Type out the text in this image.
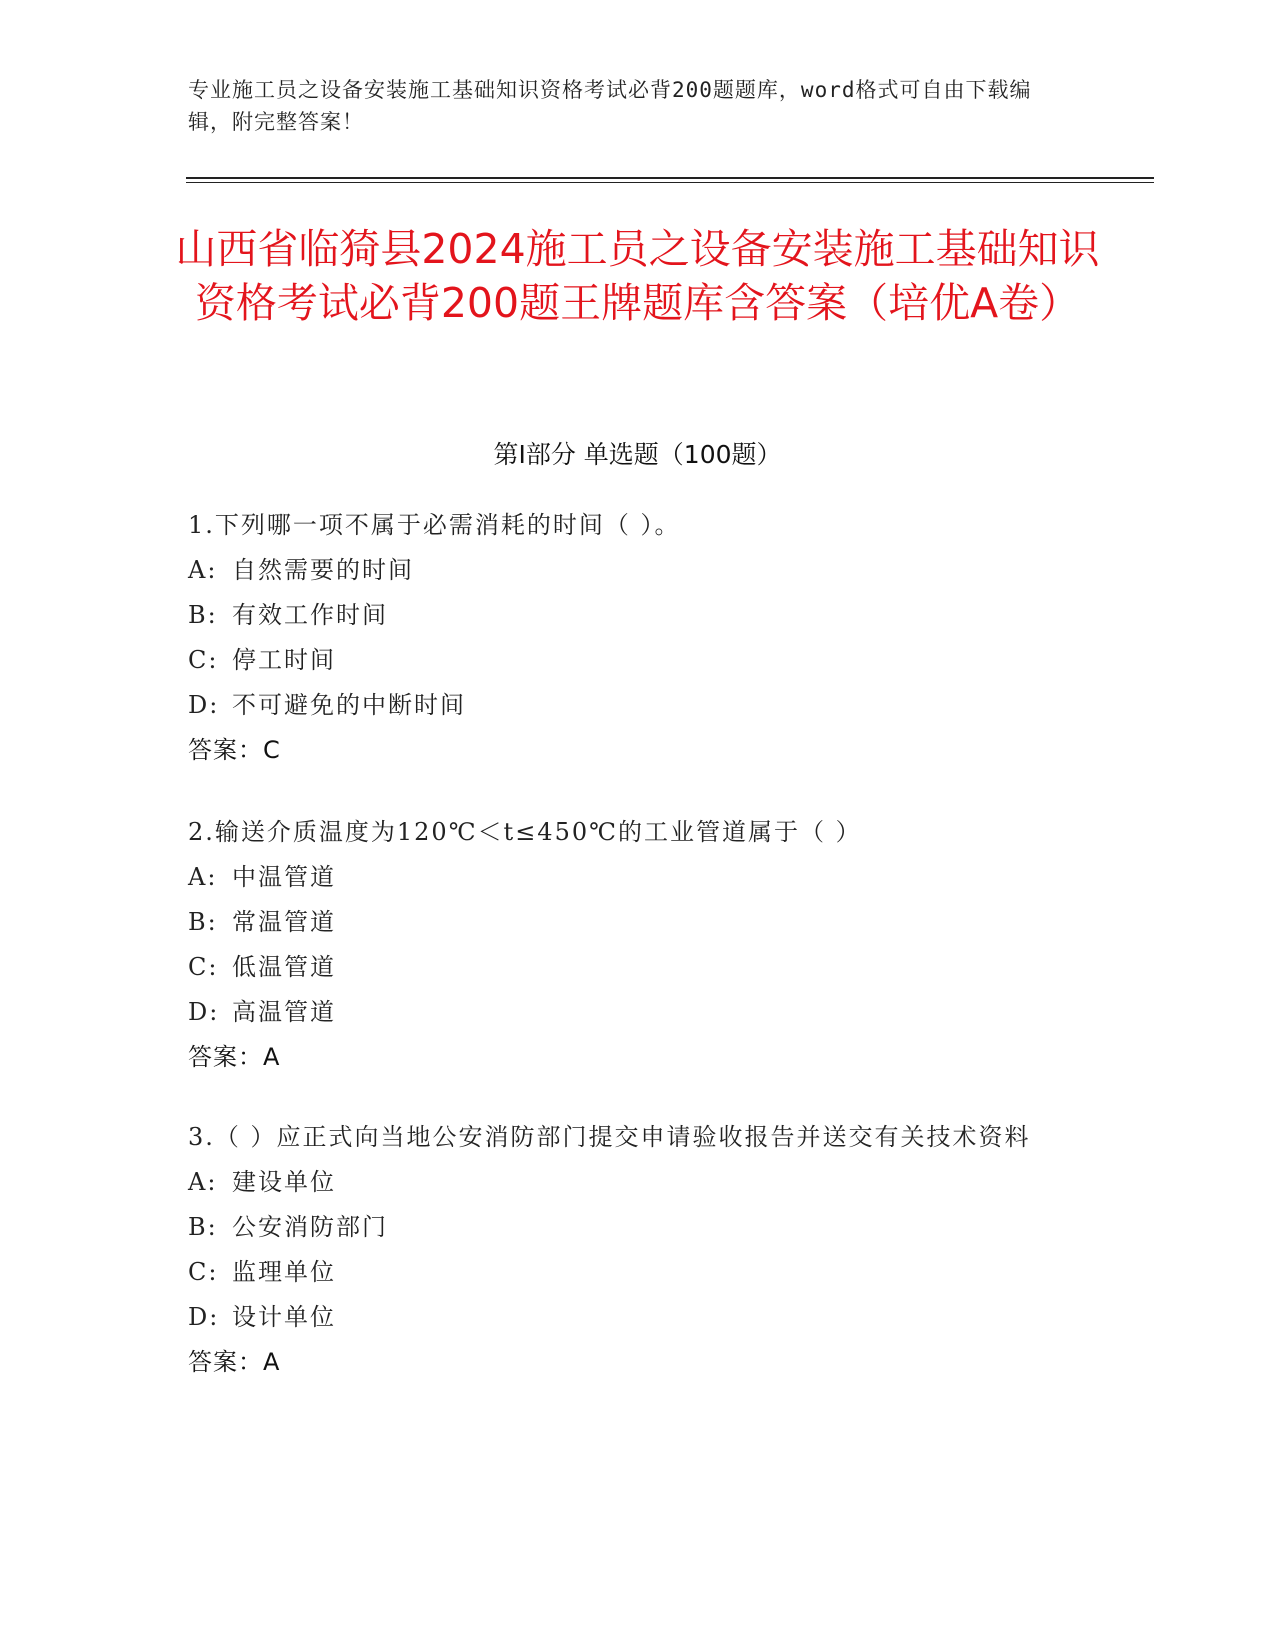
专业施工员之设备安装施工基础知识资格考试必背200题题库，word格式可自由下载编辑，附完整答案！
山西省临猗县2024施工员之设备安装施工基础知识资格考试必背200题王牌题库含答案（培优A卷）
第I部分 单选题（100题）
1.下列哪一项不属于必需消耗的时间（ ）。
A: 自然需要的时间
B: 有效工作时间
C: 停工时间
D: 不可避免的中断时间
答案：C
2.输送介质温度为120℃＜t≤450℃的工业管道属于（ ）
A: 中温管道
B: 常温管道
C: 低温管道
D: 高温管道
答案：A
3.（ ）应正式向当地公安消防部门提交申请验收报告并送交有关技术资料
A: 建设单位
B: 公安消防部门
C: 监理单位
D: 设计单位
答案：A
